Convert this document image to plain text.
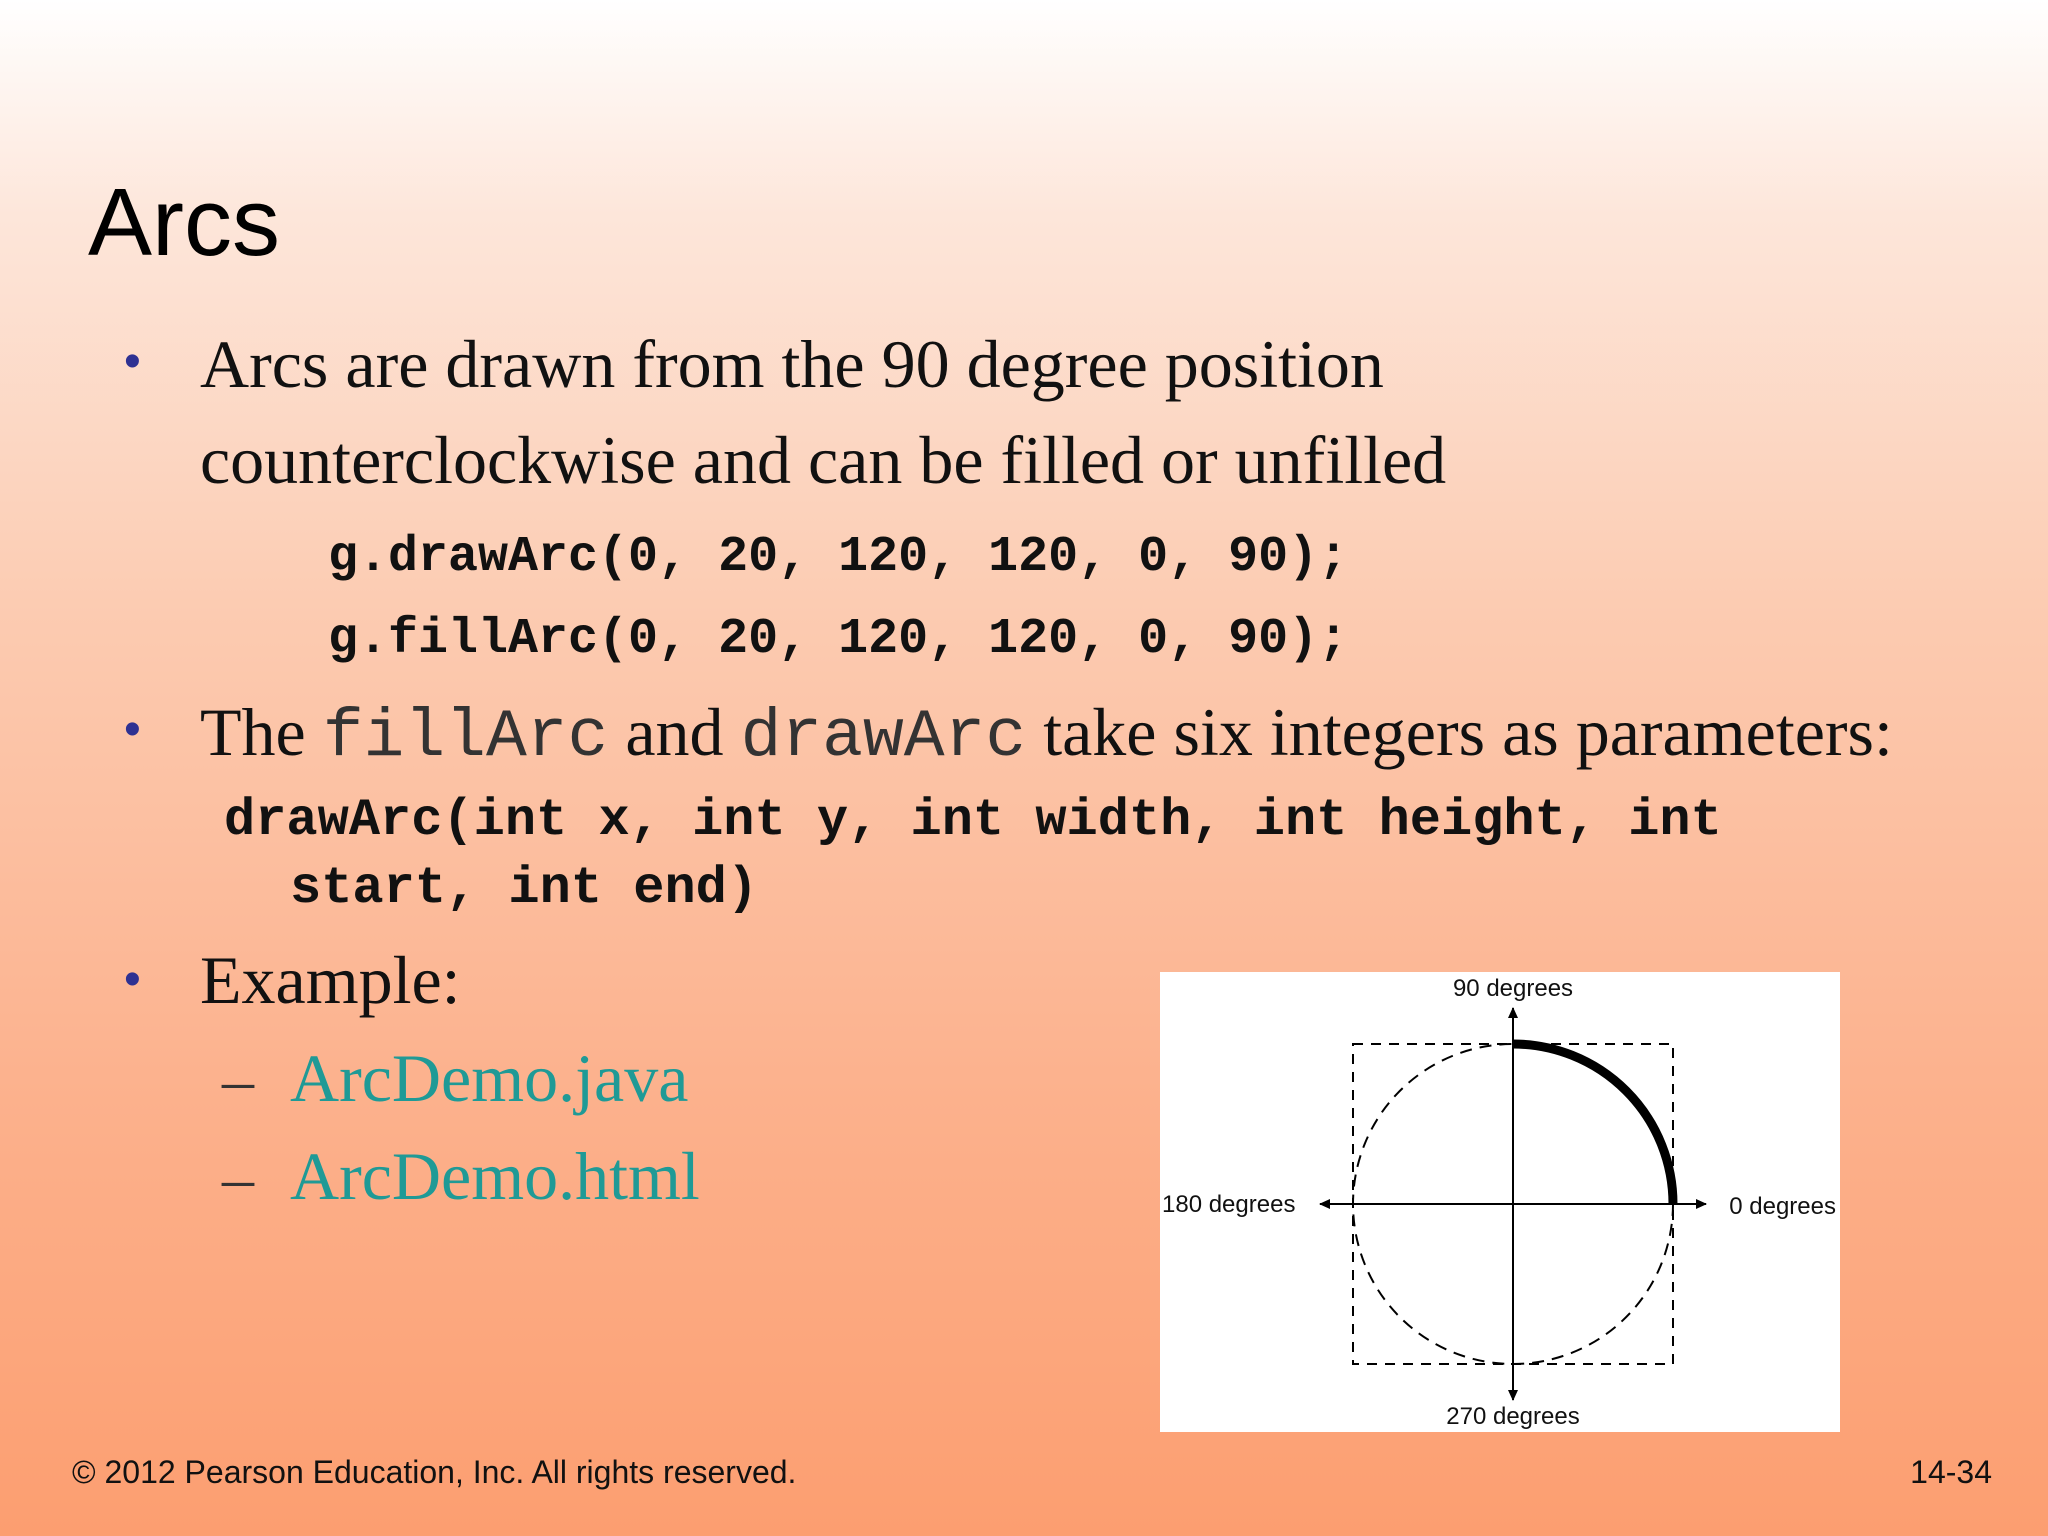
Arcs
• Arcs are drawn from the 90 degree position
counterclockwise and can be filled or unfilled
g.drawArc(0, 20, 120, 120, 0, 90);
g.fillArc(0, 20, 120, 120, 0, 90);
• The fillArc and drawArc take six integers as parameters:
drawArc(int x, int y, int width, int height, int
start, int end)
• Example:
– ArcDemo.java
– ArcDemo.html
90 degrees
180 degrees	0 degrees
270 degrees
© 2012 Pearson Education, Inc. All rights reserved.	14-34
